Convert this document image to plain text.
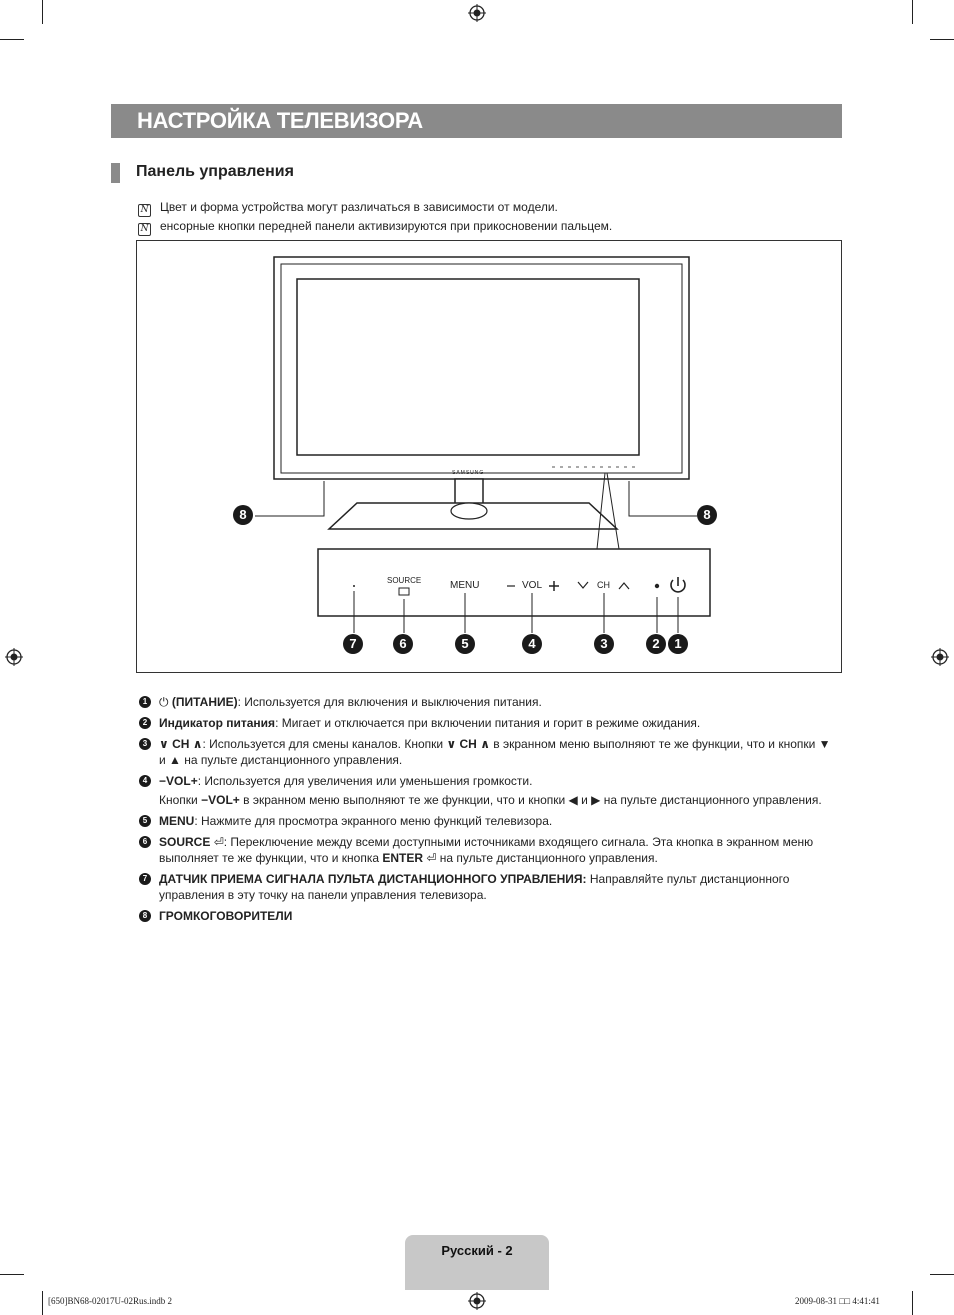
НАСТРОЙКА ТЕЛЕВИЗОРА
Панель управления
N Цвет и форма устройства могут различаться в зависимости от модели.
N енсорные кнопки передней панели активизируются при прикосновении пальцем.
SAMSUNG
SOURCE	MENU	VOL	CH
8	8
7	6	5	4	3	2	1
1 ⏻ (ПИТАНИЕ): Используется для включения и выключения питания.
2 Индикатор питания: Мигает и отключается при включении питания и горит в режиме ожидания.
3 ∨ CH ∧: Используется для смены каналов. Кнопки ∨ CH ∧ в экранном меню выполняют те же функции, что и кнопки ▼ и ▲ на пульте дистанционного управления.
4 −VOL+: Используется для увеличения или уменьшения громкости.
Кнопки −VOL+ в экранном меню выполняют те же функции, что и кнопки ◀ и ▶ на пульте дистанционного управления.
5 MENU: Нажмите для просмотра экранного меню функций телевизора.
6 SOURCE ⏎: Переключение между всеми доступными источниками входящего сигнала. Эта кнопка в экранном меню выполняет те же функции, что и кнопка ENTER ⏎ на пульте дистанционного управления.
7 ДАТЧИК ПРИЕМА СИГНАЛА ПУЛЬТА ДИСТАНЦИОННОГО УПРАВЛЕНИЯ: Направляйте пульт дистанционного управления в эту точку на панели управления телевизора.
8 ГРОМКОГОВОРИТЕЛИ
Русский - 2
[650]BN68-02017U-02Rus.indb 2	2009-08-31 □□ 4:41:41
